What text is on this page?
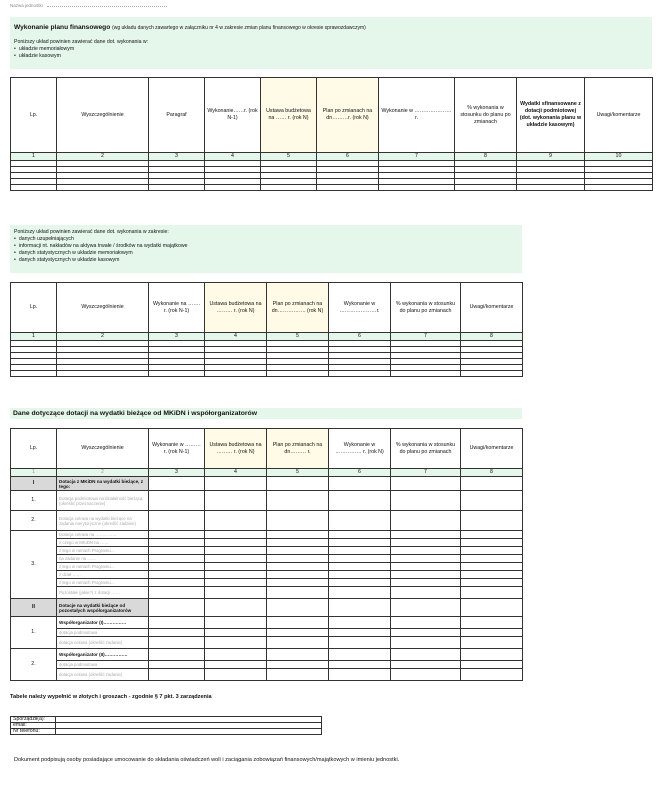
Nazwa jednostki
Wykonanie planu finansowego (wg układu danych zawartego w załączniku nr 4 w zakresie zmian planu finansowego w okresie sprawozdawczym)
Poniższy układ powinien zawierać dane dot. wykonania w:
• układzie memoriałowym
• układzie kasowym
Lp.	Wyszczególnienie	Paragraf	Wykonanie……r. (rok N-1)	Ustawa budżetowa na …… r. (rok N)	Plan po zmianach na dn………r. (rok N)	Wykonanie w …………………r.	% wykonania w stosunku do planu po zmianach	Wydatki sfinansowane z dotacji podmiotowej (dot. wykonania planu w układzie kasowym)	Uwagi/komentarze
1	2	3	4	5	6	7	8	9	10

Poniższy układ powinien zawierać dane dot. wykonania w zakresie:
• danych uzupełniających
• informacji nt. nakładów na aktywa trwałe / środków na wydatki majątkowe
• danych statystycznych w układzie memoriałowym
• danych statystycznych w układzie kasowym
Lp.	Wyszczególnienie	Wykonanie na ……. r. (rok N-1)	Ustawa budżetowa na ……… r. (rok N)	Plan po zmianach na dn……………. (rok N)	Wykonanie w …………………r.	% wykonania w stosunku do planu po zmianach	Uwagi/komentarze
1	2	3	4	5	6	7	8

Dane dotyczące dotacji na wydatki bieżące od MKiDN i współorganizatorów
Lp.	Wyszczególnienie	Wykonanie w ………r. (rok N-1)	Ustawa budżetowa na ……… r. (rok N)	Plan po zmianach na dn……… r.	Wykonanie w …………… r. (rok N)	% wykonania w stosunku do planu po zmianach	Uwagi/komentarze
1	2	3	4	5	6	7	8
I	Dotacja z MKiDN na wydatki bieżące, z tego:						
1.	Dotacja podmiotowa na działalność bieżącą (określić przeznaczenie)						
2.	Dotacja celowa na wydatki bieżące na zadania merytoryczne (określić zadanie)						
3.	Dotacja celowa na ……………						
	z czego w MKiDN na ……						
	z tego w ramach Programu…						
	na zadanie na ……						
	z tego w ramach Programu…						
	z dział ……						
	z tego w ramach Programu…						
	Pozostałe (jakie?) z dotacji ……						
II	Dotacje na wydatki bieżące od pozostałych współorganizatorów						
1.	Współorganizator (I)……………						
	dotacja podmiotowa						
	dotacja celowa (określić zadanie)						
2.	Współorganizator (II)……………						
	dotacja podmiotowa						
	dotacja celowa (określić zadanie)						
Tabele należy wypełnić w złotych i groszach - zgodnie § 7 pkt. 3 zarządzenia
Sporządził(a):	
email:	
Nr telefonu:	
Dokument podpisują osoby posiadające umocowanie do składania oświadczeń woli i zaciągania zobowiązań finansowych/majątkowych w imieniu jednostki.
